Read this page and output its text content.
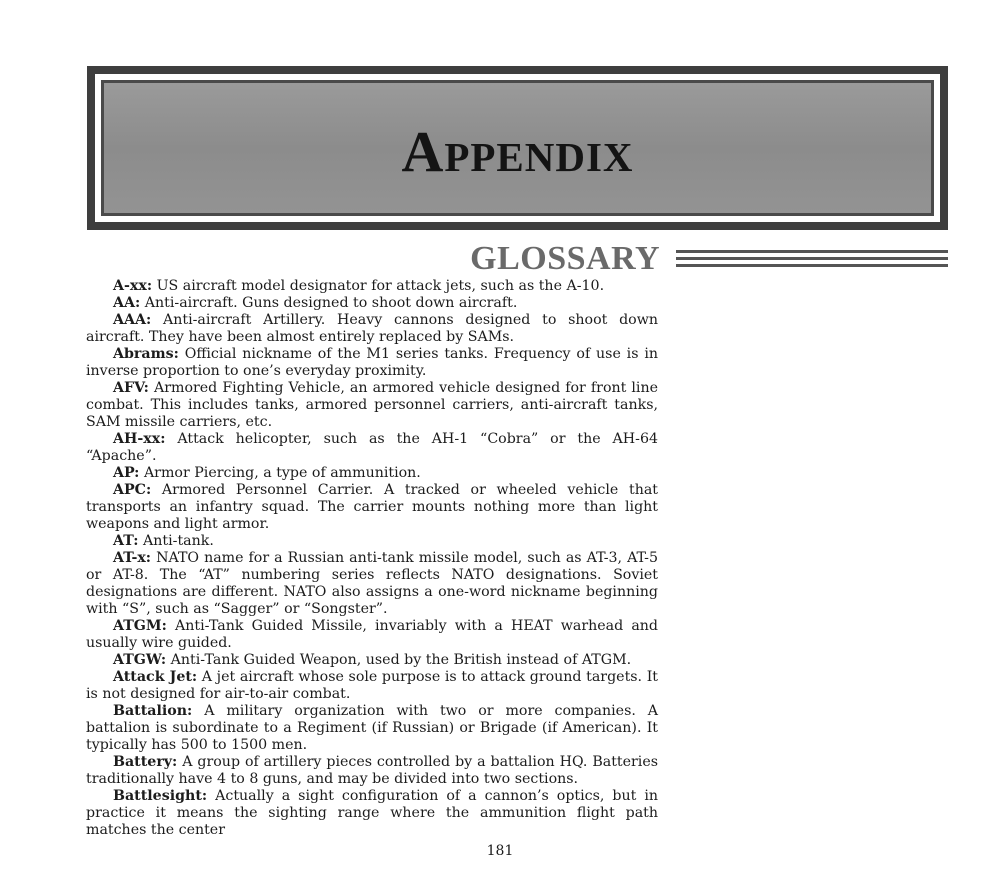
Appendix
GLOSSARY

A-xx: US aircraft model designator for attack jets, such as the A-10.

AA: Anti-aircraft. Guns designed to shoot down aircraft.

AAA: Anti-aircraft Artillery. Heavy cannons designed to shoot down aircraft. They have been almost entirely replaced by SAMs.

Abrams: Official nickname of the M1 series tanks. Frequency of use is in inverse proportion to one’s everyday proximity.

AFV: Armored Fighting Vehicle, an armored vehicle designed for front line combat. This includes tanks, armored personnel carriers, anti-aircraft tanks, SAM missile carriers, etc.

AH-xx: Attack helicopter, such as the AH-1 “Cobra” or the AH-64 “Apache”.

AP: Armor Piercing, a type of ammunition.

APC: Armored Personnel Carrier. A tracked or wheeled vehicle that transports an infantry squad. The carrier mounts nothing more than light weapons and light armor.

AT: Anti-tank.

AT-x: NATO name for a Russian anti-tank missile model, such as AT-3, AT-5 or AT-8. The “AT” numbering series reflects NATO designations. Soviet designations are different. NATO also assigns a one-word nickname beginning with “S”, such as “Sagger” or “Songster”.

ATGM: Anti-Tank Guided Missile, invariably with a HEAT warhead and usually wire guided.

ATGW: Anti-Tank Guided Weapon, used by the British instead of ATGM.

Attack Jet: A jet aircraft whose sole purpose is to attack ground targets. It is not designed for air-to-air combat.

Battalion: A military organization with two or more companies. A battalion is subordinate to a Regiment (if Russian) or Brigade (if American). It typically has 500 to 1500 men.

Battery: A group of artillery pieces controlled by a battalion HQ. Batteries traditionally have 4 to 8 guns, and may be divided into two sections.

Battlesight: Actually a sight configuration of a cannon’s optics, but in practice it means the sighting range where the ammunition flight path matches the center

181
